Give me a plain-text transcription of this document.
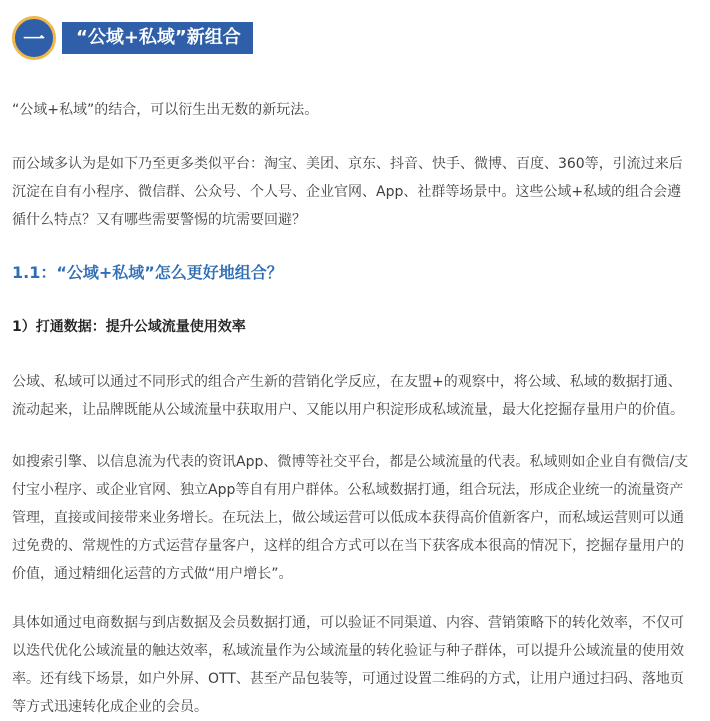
一	“公域+私域”新组合

“公域+私域”的结合，可以衍生出无数的新玩法。

而公域多认为是如下乃至更多类似平台：淘宝、美团、京东、抖音、快手、微博、百度、360等，引流过来后沉淀在自有小程序、微信群、公众号、个人号、企业官网、App、社群等场景中。这些公域+私域的组合会遵循什么特点？又有哪些需要警惕的坑需要回避？

1.1：“公域+私域”怎么更好地组合？
1）打通数据：提升公域流量使用效率

公域、私域可以通过不同形式的组合产生新的营销化学反应，在友盟+的观察中，将公域、私域的数据打通、流动起来，让品牌既能从公域流量中获取用户、又能以用户积淀形成私域流量，最大化挖掘存量用户的价值。

如搜索引擎、以信息流为代表的资讯App、微博等社交平台，都是公域流量的代表。私域则如企业自有微信/支付宝小程序、或企业官网、独立App等自有用户群体。公私域数据打通，组合玩法，形成企业统一的流量资产管理，直接或间接带来业务增长。在玩法上，做公域运营可以低成本获得高价值新客户，而私域运营则可以通过免费的、常规性的方式运营存量客户，这样的组合方式可以在当下获客成本很高的情况下，挖掘存量用户的价值，通过精细化运营的方式做“用户增长”。

具体如通过电商数据与到店数据及会员数据打通，可以验证不同渠道、内容、营销策略下的转化效率，不仅可以迭代优化公域流量的触达效率，私域流量作为公域流量的转化验证与种子群体，可以提升公域流量的使用效率。还有线下场景，如户外屏、OTT、甚至产品包装等，可通过设置二维码的方式，让用户通过扫码、落地页等方式迅速转化成企业的会员。
